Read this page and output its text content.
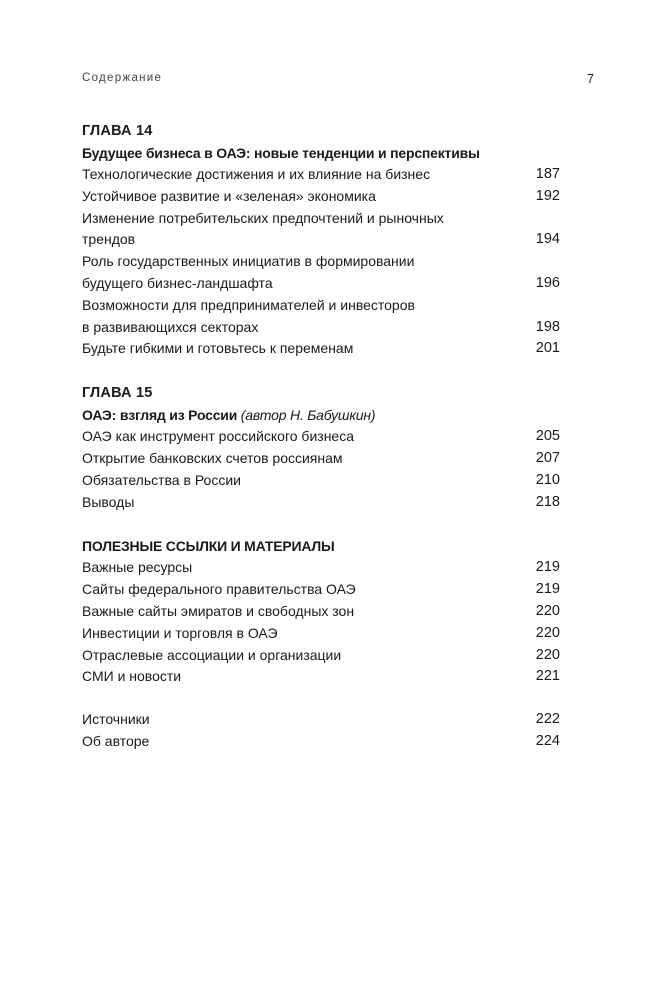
Содержание	7
ГЛАВА 14
Будущее бизнеса в ОАЭ: новые тенденции и перспективы
Технологические достижения и их влияние на бизнес	187
Устойчивое развитие и «зеленая» экономика	192
Изменение потребительских предпочтений и рыночных трендов	194
Роль государственных инициатив в формировании
будущего бизнес-ландшафта	196
Возможности для предпринимателей и инвесторов
в развивающихся секторах	198
Будьте гибкими и готовьтесь к переменам	201
ГЛАВА 15
ОАЭ: взгляд из России (автор Н. Бабушкин)
ОАЭ как инструмент российского бизнеса	205
Открытие банковских счетов россиянам	207
Обязательства в России	210
Выводы	218
ПОЛЕЗНЫЕ ССЫЛКИ И МАТЕРИАЛЫ
Важные ресурсы	219
Сайты федерального правительства ОАЭ	219
Важные сайты эмиратов и свободных зон	220
Инвестиции и торговля в ОАЭ	220
Отраслевые ассоциации и организации	220
СМИ и новости	221
Источники	222
Об авторе	224
